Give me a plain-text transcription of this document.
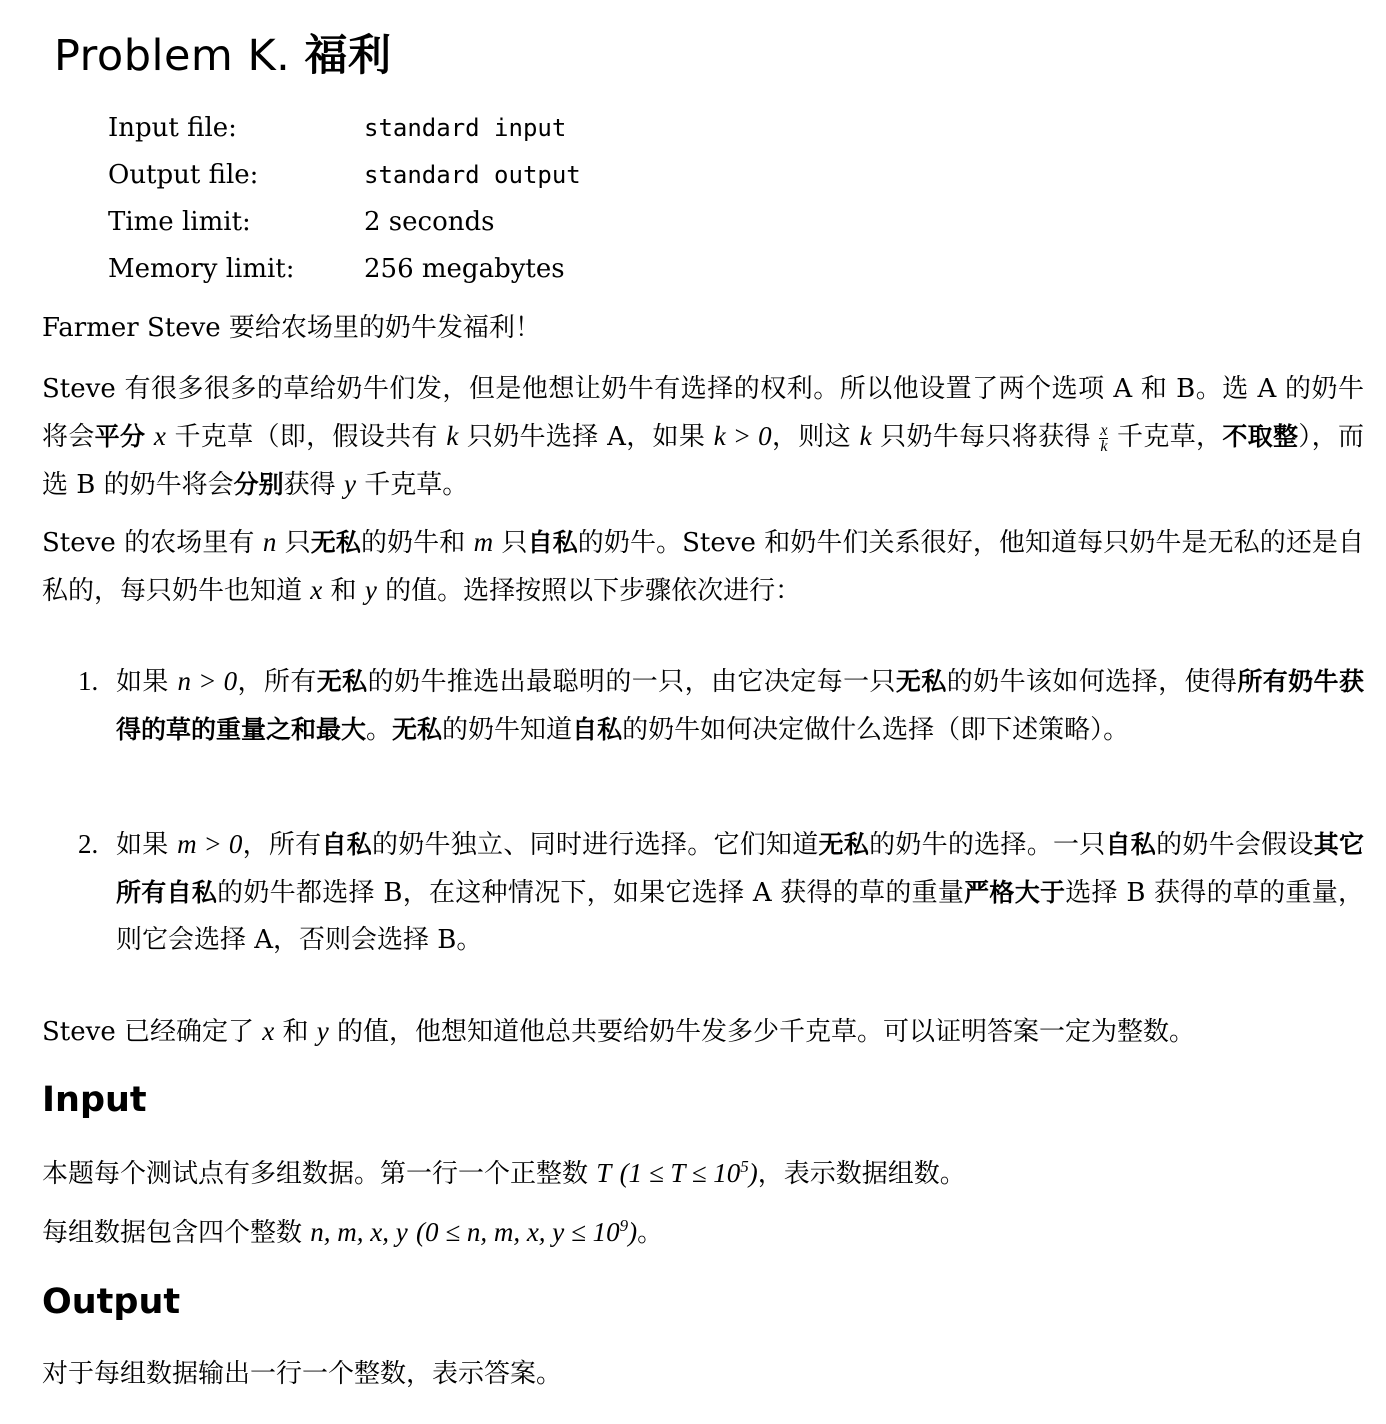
Problem K. 福利
Input file:	standard input
Output file:	standard output
Time limit:	2 seconds
Memory limit:	256 megabytes
Farmer Steve 要给农场里的奶牛发福利！
Steve 有很多很多的草给奶牛们发，但是他想让奶牛有选择的权利。所以他设置了两个选项 A 和 B。选 A 的奶牛将会平分 x 千克草（即，假设共有 k 只奶牛选择 A，如果 k > 0，则这 k 只奶牛每只将获得 $\frac{x}{k}$ 千克草，不取整），而选 B 的奶牛将会分别获得 y 千克草。
Steve 的农场里有 n 只无私的奶牛和 m 只自私的奶牛。Steve 和奶牛们关系很好，他知道每只奶牛是无私的还是自私的，每只奶牛也知道 x 和 y 的值。选择按照以下步骤依次进行：
1. 如果 n > 0，所有无私的奶牛推选出最聪明的一只，由它决定每一只无私的奶牛该如何选择，使得所有奶牛获得的草的重量之和最大。无私的奶牛知道自私的奶牛如何决定做什么选择（即下述策略）。
2. 如果 m > 0，所有自私的奶牛独立、同时进行选择。它们知道无私的奶牛的选择。一只自私的奶牛会假设其它所有自私的奶牛都选择 B，在这种情况下，如果它选择 A 获得的草的重量严格大于选择 B 获得的草的重量，则它会选择 A，否则会选择 B。
Steve 已经确定了 x 和 y 的值，他想知道他总共要给奶牛发多少千克草。可以证明答案一定为整数。
Input
本题每个测试点有多组数据。第一行一个正整数 T $(1 \le T \le 10^5)$，表示数据组数。
每组数据包含四个整数 n, m, x, y (0 ≤ n, m, x, $y \le 10^9$)。
Output
对于每组数据输出一行一个整数，表示答案。
